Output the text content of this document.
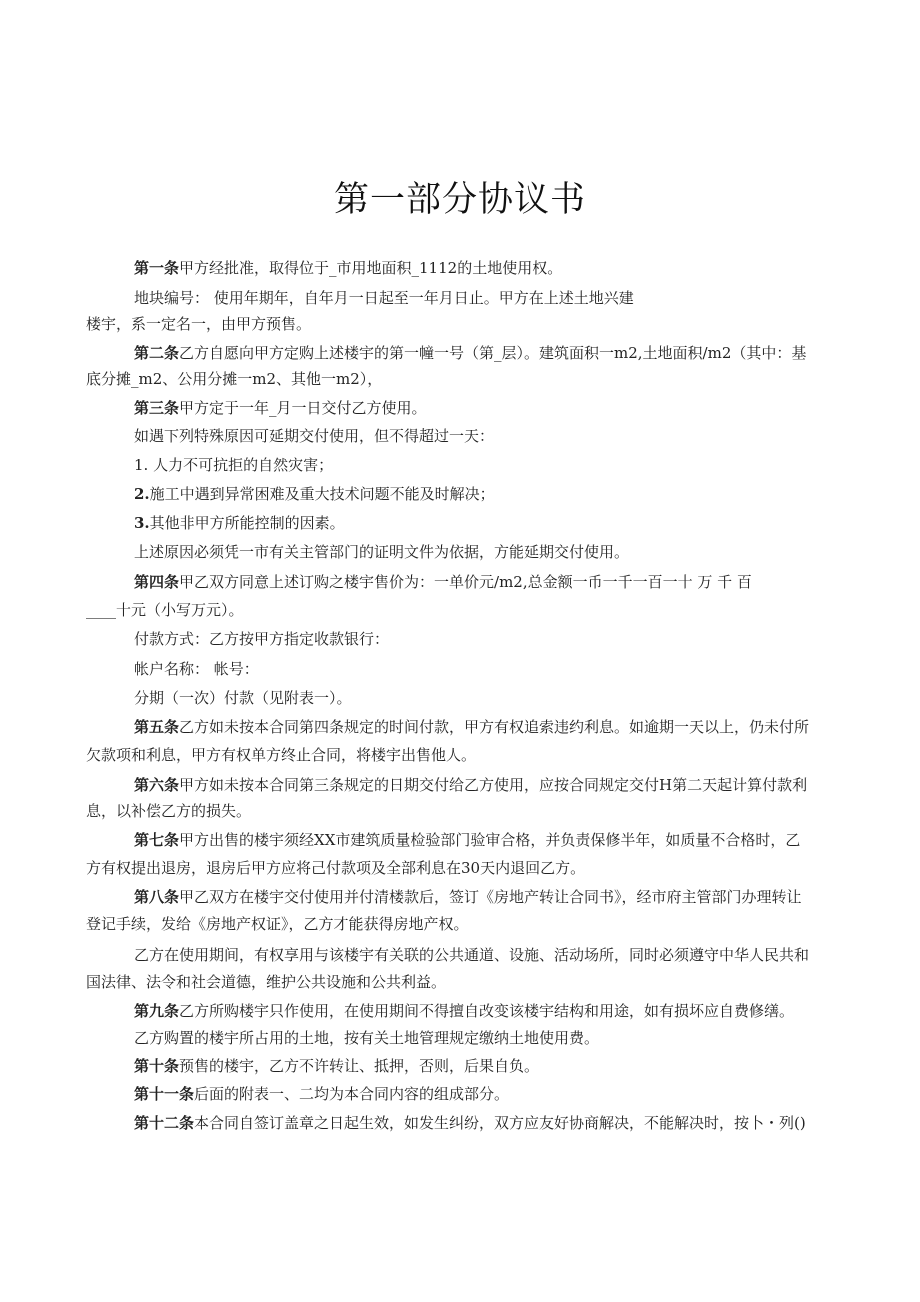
第一部分协议书
第一条甲方经批准，取得位于_市用地面积_1112的土地使用权。
地块编号： 使用年期年，自年月一日起至一年月日止。甲方在上述土地兴建
楼宇，系一定名一，由甲方预售。
第二条乙方自愿向甲方定购上述楼宇的第一幢一号（第_层）。建筑面积一m2,土地面积/m2（其中：基
底分摊_m2、公用分摊一m2、其他一m2），
第三条甲方定于一年_月一日交付乙方使用。
如遇下列特殊原因可延期交付使用，但不得超过一天：
1. 人力不可抗拒的自然灾害；
2.施工中遇到异常困难及重大技术问题不能及时解决；
3.其他非甲方所能控制的因素。
上述原因必须凭一市有关主管部门的证明文件为依据，方能延期交付使用。
第四条甲乙双方同意上述订购之楼宇售价为：一单价元/m2,总金额一币一千一百一十 万 千 百
____十元（小写万元）。
付款方式：乙方按甲方指定收款银行：
帐户名称： 帐号：
分期（一次）付款（见附表一）。
第五条乙方如未按本合同第四条规定的时间付款，甲方有权追索违约利息。如逾期一天以上，仍未付所
欠款项和利息，甲方有权单方终止合同，将楼宇出售他人。
第六条甲方如未按本合同第三条规定的日期交付给乙方使用，应按合同规定交付H第二天起计算付款利
息，以补偿乙方的损失。
第七条甲方出售的楼宇须经XX市建筑质量检验部门验审合格，并负责保修半年，如质量不合格时，乙
方有权提出退房，退房后甲方应将己付款项及全部利息在30天内退回乙方。
第八条甲乙双方在楼宇交付使用并付清楼款后，签订《房地产转让合同书》，经市府主管部门办理转让
登记手续，发给《房地产权证》，乙方才能获得房地产权。
乙方在使用期间，有权享用与该楼宇有关联的公共通道、设施、活动场所，同时必须遵守中华人民共和
国法律、法令和社会道德，维护公共设施和公共利益。
第九条乙方所购楼宇只作使用，在使用期间不得擅自改变该楼宇结构和用途，如有损坏应自费修缮。
乙方购置的楼宇所占用的土地，按有关土地管理规定缴纳土地使用费。
第十条预售的楼宇，乙方不许转让、抵押，否则，后果自负。
第十一条后面的附表一、二均为本合同内容的组成部分。
第十二条本合同自签订盖章之日起生效，如发生纠纷，双方应友好协商解决，不能解决时，按卜・列()
